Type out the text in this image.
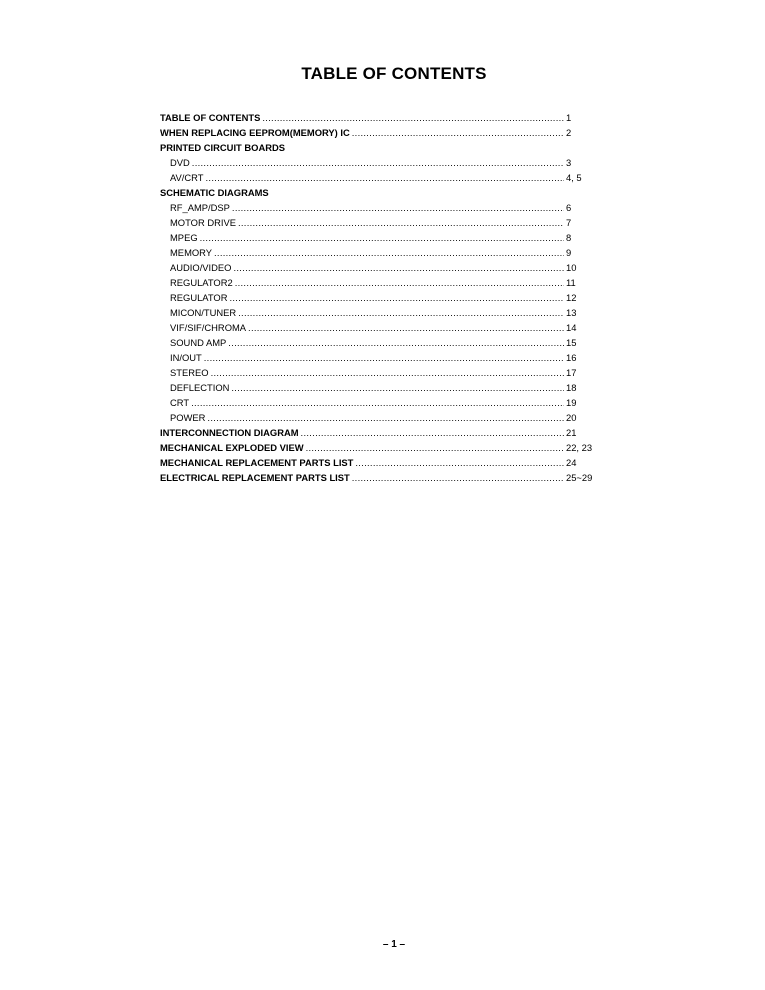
TABLE OF CONTENTS
TABLE OF CONTENTS .....	1
WHEN REPLACING EEPROM(MEMORY) IC .....	2
PRINTED CIRCUIT BOARDS
DVD .....	3
AV/CRT .....	4, 5
SCHEMATIC DIAGRAMS
RF_AMP/DSP .....	6
MOTOR DRIVE .....	7
MPEG .....	8
MEMORY .....	9
AUDIO/VIDEO .....	10
REGULATOR2 .....	11
REGULATOR .....	12
MICON/TUNER .....	13
VIF/SIF/CHROMA .....	14
SOUND AMP .....	15
IN/OUT .....	16
STEREO .....	17
DEFLECTION .....	18
CRT .....	19
POWER .....	20
INTERCONNECTION DIAGRAM .....	21
MECHANICAL EXPLODED VIEW .....	22, 23
MECHANICAL REPLACEMENT PARTS LIST .....	24
ELECTRICAL REPLACEMENT PARTS LIST .....	25~29
– 1 –
